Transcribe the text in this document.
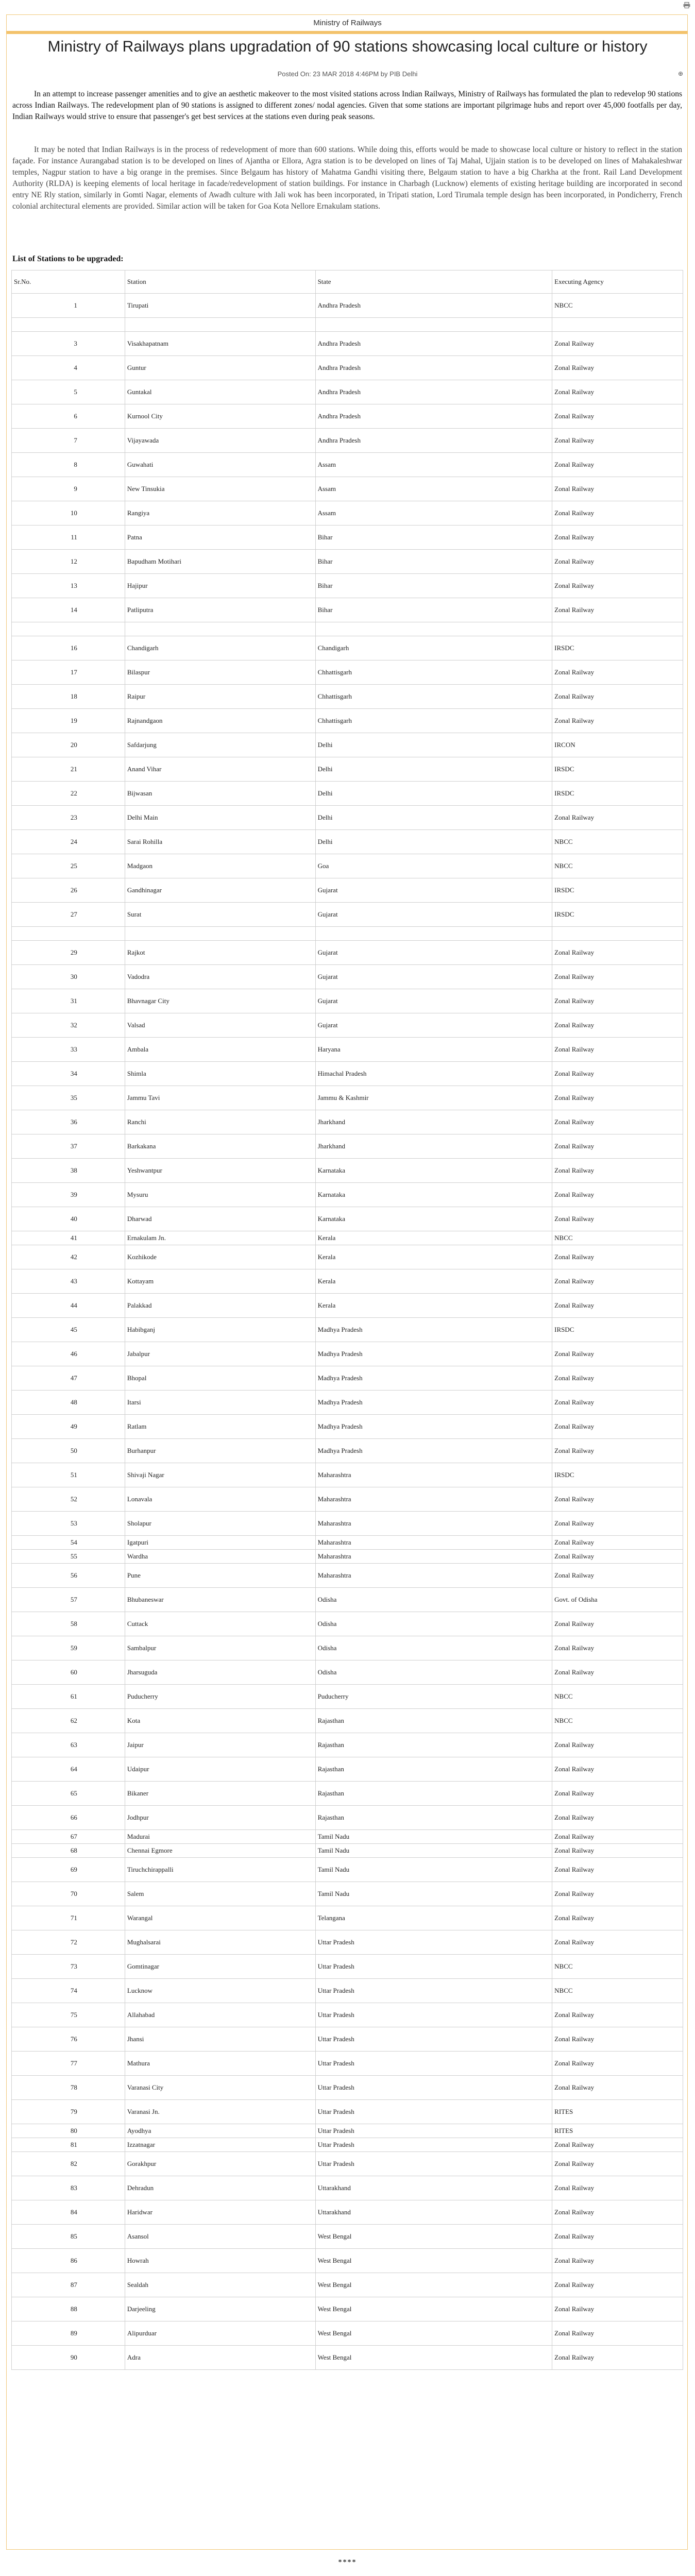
Ministry of Railways
Ministry of Railways plans upgradation of 90 stations showcasing local culture or history
Posted On: 23 MAR 2018 4:46PM by PIB Delhi	⊕

In an attempt to increase passenger amenities and to give an aesthetic makeover to the most visited stations across Indian Railways, Ministry of Railways has formulated the plan to redevelop 90 stations across Indian Railways. The redevelopment plan of 90 stations is assigned to different zones/ nodal agencies. Given that some stations are important pilgrimage hubs and report over 45,000 footfalls per day, Indian Railways would strive to ensure that passenger's get best services at the stations even during peak seasons.

It may be noted that Indian Railways is in the process of redevelopment of more than 600 stations. While doing this, efforts would be made to showcase local culture or history to reflect in the station façade. For instance Aurangabad station is to be developed on lines of Ajantha or Ellora, Agra station is to be developed on lines of Taj Mahal, Ujjain station is to be developed on lines of Mahakaleshwar temples, Nagpur station to have a big orange in the premises. Since Belgaum has history of Mahatma Gandhi visiting there, Belgaum station to have a big Charkha at the front. Rail Land Development Authority (RLDA) is keeping elements of local heritage in facade/redevelopment of station buildings. For instance in Charbagh (Lucknow) elements of existing heritage building are incorporated in second entry NE Rly station, similarly in Gomti Nagar, elements of Awadh culture with Jali wok has been incorporated, in Tripati station, Lord Tirumala temple design has been incorporated, in Pondicherry, French colonial architectural elements are provided. Similar action will be taken for Goa Kota Nellore Ernakulam stations.

List of Stations to be upgraded:

Sr.No.	Station	State	Executing Agency
1	Tirupati	Andhra Pradesh	NBCC

3	Visakhapatnam	Andhra Pradesh	Zonal Railway
4	Guntur	Andhra Pradesh	Zonal Railway
5	Guntakal	Andhra Pradesh	Zonal Railway
6	Kurnool City	Andhra Pradesh	Zonal Railway
7	Vijayawada	Andhra Pradesh	Zonal Railway
8	Guwahati	Assam	Zonal Railway
9	New Tinsukia	Assam	Zonal Railway
10	Rangiya	Assam	Zonal Railway
11	Patna	Bihar	Zonal Railway
12	Bapudham Motihari	Bihar	Zonal Railway
13	Hajipur	Bihar	Zonal Railway
14	Patliputra	Bihar	Zonal Railway

16	Chandigarh	Chandigarh	IRSDC
17	Bilaspur	Chhattisgarh	Zonal Railway
18	Raipur	Chhattisgarh	Zonal Railway
19	Rajnandgaon	Chhattisgarh	Zonal Railway
20	Safdarjung	Delhi	IRCON
21	Anand Vihar	Delhi	IRSDC
22	Bijwasan	Delhi	IRSDC
23	Delhi Main	Delhi	Zonal Railway
24	Sarai Rohilla	Delhi	NBCC
25	Madgaon	Goa	NBCC
26	Gandhinagar	Gujarat	IRSDC
27	Surat	Gujarat	IRSDC

29	Rajkot	Gujarat	Zonal Railway
30	Vadodra	Gujarat	Zonal Railway
31	Bhavnagar City	Gujarat	Zonal Railway
32	Valsad	Gujarat	Zonal Railway
33	Ambala	Haryana	Zonal Railway
34	Shimla	Himachal Pradesh	Zonal Railway
35	Jammu Tavi	Jammu & Kashmir	Zonal Railway
36	Ranchi	Jharkhand	Zonal Railway
37	Barkakana	Jharkhand	Zonal Railway
38	Yeshwantpur	Karnataka	Zonal Railway
39	Mysuru	Karnataka	Zonal Railway
40	Dharwad	Karnataka	Zonal Railway
41	Ernakulam Jn.	Kerala	NBCC
42	Kozhikode	Kerala	Zonal Railway
43	Kottayam	Kerala	Zonal Railway
44	Palakkad	Kerala	Zonal Railway
45	Habibganj	Madhya Pradesh	IRSDC
46	Jabalpur	Madhya Pradesh	Zonal Railway
47	Bhopal	Madhya Pradesh	Zonal Railway
48	Itarsi	Madhya Pradesh	Zonal Railway
49	Ratlam	Madhya Pradesh	Zonal Railway
50	Burhanpur	Madhya Pradesh	Zonal Railway
51	Shivaji Nagar	Maharashtra	IRSDC
52	Lonavala	Maharashtra	Zonal Railway
53	Sholapur	Maharashtra	Zonal Railway
54	Igatpuri	Maharashtra	Zonal Railway
55	Wardha	Maharashtra	Zonal Railway
56	Pune	Maharashtra	Zonal Railway
57	Bhubaneswar	Odisha	Govt. of Odisha
58	Cuttack	Odisha	Zonal Railway
59	Sambalpur	Odisha	Zonal Railway
60	Jharsuguda	Odisha	Zonal Railway
61	Puducherry	Puducherry	NBCC
62	Kota	Rajasthan	NBCC
63	Jaipur	Rajasthan	Zonal Railway
64	Udaipur	Rajasthan	Zonal Railway
65	Bikaner	Rajasthan	Zonal Railway
66	Jodhpur	Rajasthan	Zonal Railway
67	Madurai	Tamil Nadu	Zonal Railway
68	Chennai Egmore	Tamil Nadu	Zonal Railway
69	Tiruchchirappalli	Tamil Nadu	Zonal Railway
70	Salem	Tamil Nadu	Zonal Railway
71	Warangal	Telangana	Zonal Railway
72	Mughalsarai	Uttar Pradesh	Zonal Railway
73	Gomtinagar	Uttar Pradesh	NBCC
74	Lucknow	Uttar Pradesh	NBCC
75	Allahabad	Uttar Pradesh	Zonal Railway
76	Jhansi	Uttar Pradesh	Zonal Railway
77	Mathura	Uttar Pradesh	Zonal Railway
78	Varanasi City	Uttar Pradesh	Zonal Railway
79	Varanasi Jn.	Uttar Pradesh	RITES
80	Ayodhya	Uttar Pradesh	RITES
81	Izzatnagar	Uttar Pradesh	Zonal Railway
82	Gorakhpur	Uttar Pradesh	Zonal Railway
83	Dehradun	Uttarakhand	Zonal Railway
84	Haridwar	Uttarakhand	Zonal Railway
85	Asansol	West Bengal	Zonal Railway
86	Howrah	West Bengal	Zonal Railway
87	Sealdah	West Bengal	Zonal Railway
88	Darjeeling	West Bengal	Zonal Railway
89	Alipurduar	West Bengal	Zonal Railway
90	Adra	West Bengal	Zonal Railway
****
